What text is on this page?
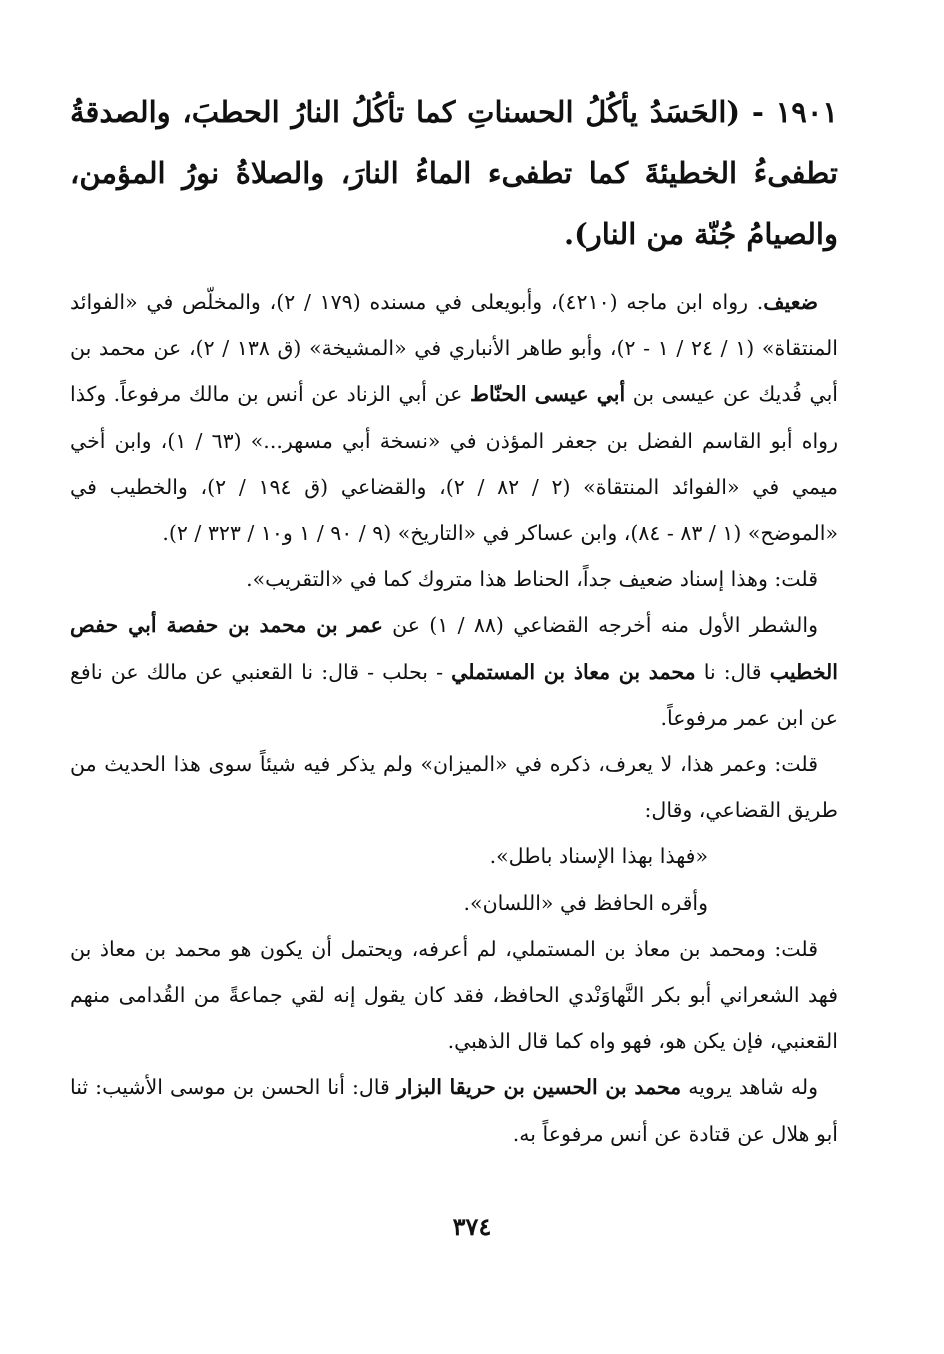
١٩٠١ - (الحَسَدُ يأكُلُ الحسناتِ كما تأكُلُ النارُ الحطبَ، والصدقةُ تطفىءُ الخطيئةَ كما تطفىء الماءُ النارَ، والصلاةُ نورُ المؤمن، والصيامُ جُنّة من النار).

ضعيف. رواه ابن ماجه (٤٢١٠)، وأبويعلى في مسنده (١٧٩ / ٢)، والمخلّص في «الفوائد المنتقاة» (١ / ٢٤ / ١ - ٢)، وأبو طاهر الأنباري في «المشيخة» (ق ١٣٨ / ٢)، عن محمد بن أبي فُديك عن عيسى بن أبي عيسى الحنّاط عن أبي الزناد عن أنس بن مالك مرفوعاً. وكذا رواه أبو القاسم الفضل بن جعفر المؤذن في «نسخة أبي مسهر...» (٦٣ / ١)، وابن أخي ميمي في «الفوائد المنتقاة» (٢ / ٨٢ / ٢)، والقضاعي (ق ١٩٤ / ٢)، والخطيب في «الموضح» (١ / ٨٣ - ٨٤)، وابن عساكر في «التاريخ» (٩ / ٩٠ / ١ و١٠ / ٣٢٣ / ٢).

قلت: وهذا إسناد ضعيف جداً، الحناط هذا متروك كما في «التقريب».

والشطر الأول منه أخرجه القضاعي (٨٨ / ١) عن عمر بن محمد بن حفصة أبي حفص الخطيب قال: نا محمد بن معاذ بن المستملي - بحلب - قال: نا القعنبي عن مالك عن نافع عن ابن عمر مرفوعاً.

قلت: وعمر هذا، لا يعرف، ذكره في «الميزان» ولم يذكر فيه شيئاً سوى هذا الحديث من طريق القضاعي، وقال:

«فهذا بهذا الإسناد باطل».

وأقره الحافظ في «اللسان».

قلت: ومحمد بن معاذ بن المستملي، لم أعرفه، ويحتمل أن يكون هو محمد بن معاذ بن فهد الشعراني أبو بكر النَّهاوَنْدي الحافظ، فقد كان يقول إنه لقي جماعةً من القُدامى منهم القعنبي، فإن يكن هو، فهو واه كما قال الذهبي.

وله شاهد يرويه محمد بن الحسين بن حريقا البزار قال: أنا الحسن بن موسى الأشيب: ثنا أبو هلال عن قتادة عن أنس مرفوعاً به.

٣٧٤
